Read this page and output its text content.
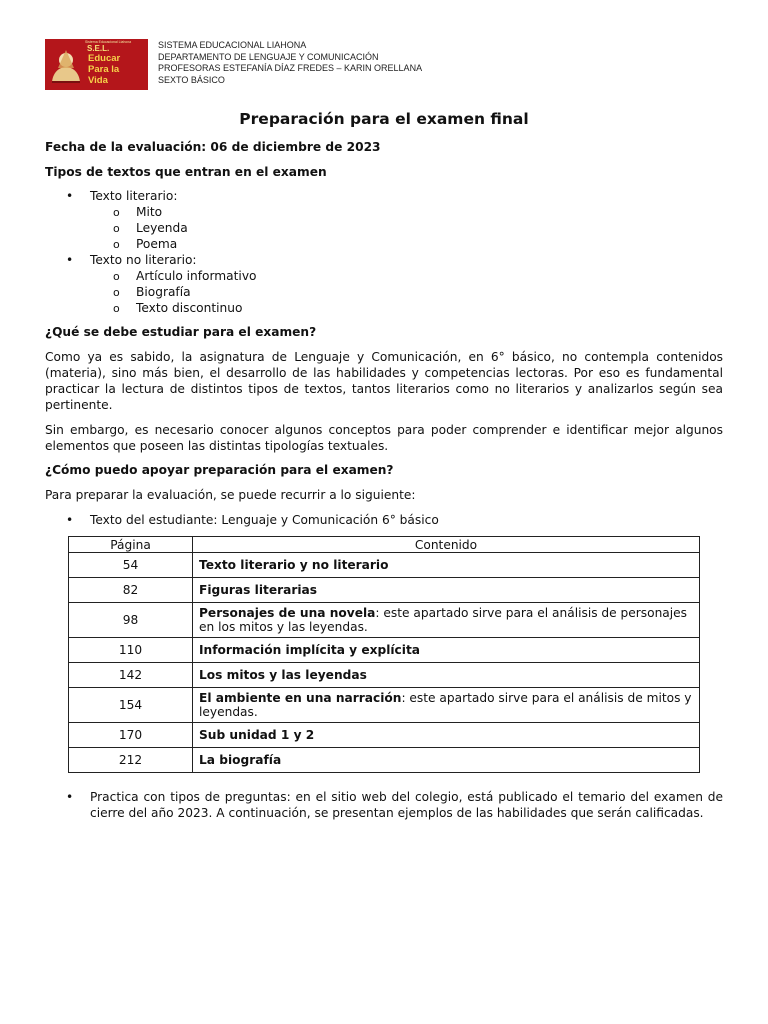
Sistema Educacional Liahona
S.E.L.
Educar
Para la
Vida
SISTEMA EDUCACIONAL LIAHONA
DEPARTAMENTO DE LENGUAJE Y COMUNICACIÓN
PROFESORAS ESTEFANÍA DÍAZ FREDES – KARIN ORELLANA
SEXTO BÁSICO
Preparación para el examen final
Fecha de la evaluación: 06 de diciembre de 2023
Tipos de textos que entran en el examen
• Texto literario:
o Mito
o Leyenda
o Poema
• Texto no literario:
o Artículo informativo
o Biografía
o Texto discontinuo
¿Qué se debe estudiar para el examen?
Como ya es sabido, la asignatura de Lenguaje y Comunicación, en 6° básico, no contempla contenidos (materia), sino más bien, el desarrollo de las habilidades y competencias lectoras. Por eso es fundamental practicar la lectura de distintos tipos de textos, tantos literarios como no literarios y analizarlos según sea pertinente.
Sin embargo, es necesario conocer algunos conceptos para poder comprender e identificar mejor algunos elementos que poseen las distintas tipologías textuales.
¿Cómo puedo apoyar preparación para el examen?
Para preparar la evaluación, se puede recurrir a lo siguiente:
• Texto del estudiante: Lenguaje y Comunicación 6° básico
Página	Contenido
54	Texto literario y no literario
82	Figuras literarias
98	Personajes de una novela: este apartado sirve para el análisis de personajes en los mitos y las leyendas.
110	Información implícita y explícita
142	Los mitos y las leyendas
154	El ambiente en una narración: este apartado sirve para el análisis de mitos y leyendas.
170	Sub unidad 1 y 2
212	La biografía
• Practica con tipos de preguntas: en el sitio web del colegio, está publicado el temario del examen de cierre del año 2023. A continuación, se presentan ejemplos de las habilidades que serán calificadas.
